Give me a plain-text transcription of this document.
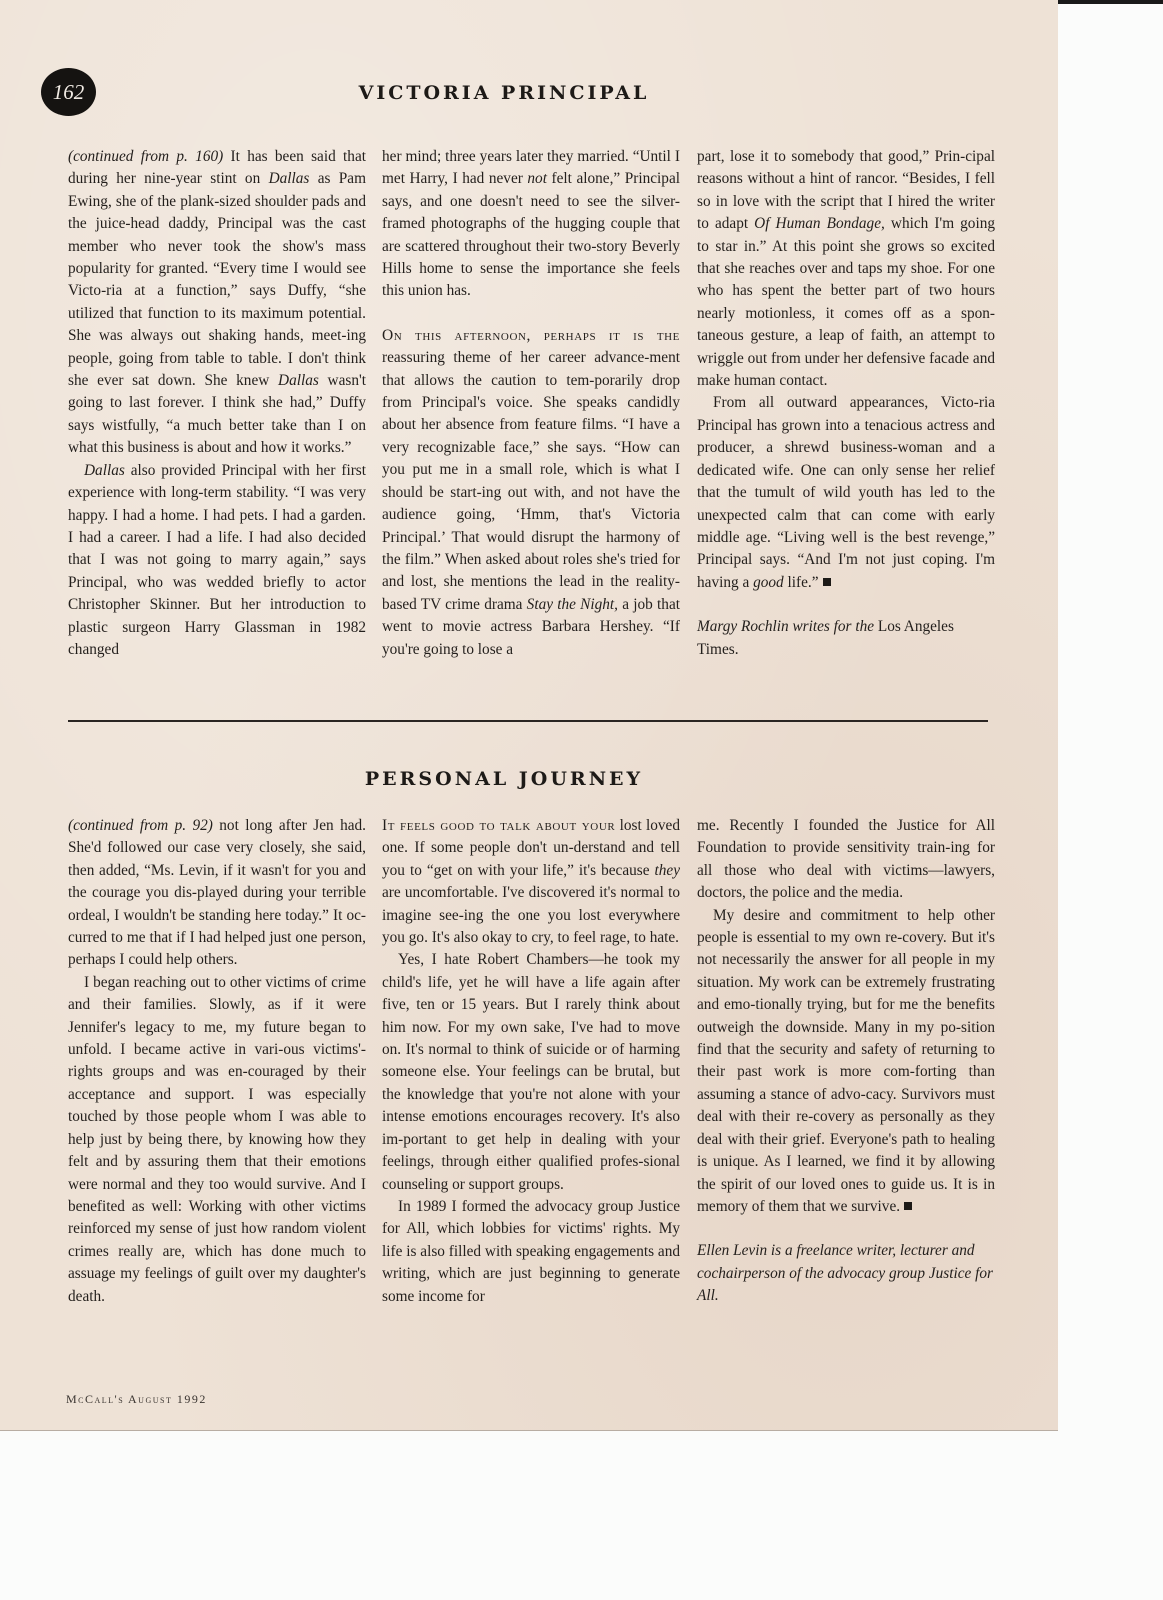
162	VICTORIA PRINCIPAL

(continued from p. 160) It has been said that during her nine-year stint on Dallas as Pam Ewing, she of the plank-sized shoulder pads and the juice-head daddy, Principal was the cast member who never took the show's mass popularity for granted. “Every time I would see Victo-ria at a function,” says Duffy, “she utilized that function to its maximum potential. She was always out shaking hands, meet-ing people, going from table to table. I don't think she ever sat down. She knew Dallas wasn't going to last forever. I think she had,” Duffy says wistfully, “a much better take than I on what this business is about and how it works.”

Dallas also provided Principal with her first experience with long-term stability. “I was very happy. I had a home. I had pets. I had a garden. I had a career. I had a life. I had also decided that I was not going to marry again,” says Principal, who was wedded briefly to actor Christopher Skinner. But her introduction to plastic surgeon Harry Glassman in 1982 changed

her mind; three years later they married. “Until I met Harry, I had never not felt alone,” Principal says, and one doesn't need to see the silver-framed photographs of the hugging couple that are scattered throughout their two-story Beverly Hills home to sense the importance she feels this union has.

On this afternoon, perhaps it is the reassuring theme of her career advance-ment that allows the caution to tem-porarily drop from Principal's voice. She speaks candidly about her absence from feature films. “I have a very recognizable face,” she says. “How can you put me in a small role, which is what I should be start-ing out with, and not have the audience going, ‘Hmm, that's Victoria Principal.’ That would disrupt the harmony of the film.” When asked about roles she's tried for and lost, she mentions the lead in the reality-based TV crime drama Stay the Night, a job that went to movie actress Barbara Hershey. “If you're going to lose a

part, lose it to somebody that good,” Prin-cipal reasons without a hint of rancor. “Besides, I fell so in love with the script that I hired the writer to adapt Of Human Bondage, which I'm going to star in.” At this point she grows so excited that she reaches over and taps my shoe. For one who has spent the better part of two hours nearly motionless, it comes off as a spon-taneous gesture, a leap of faith, an attempt to wriggle out from under her defensive facade and make human contact.

From all outward appearances, Victo-ria Principal has grown into a tenacious actress and producer, a shrewd business-woman and a dedicated wife. One can only sense her relief that the tumult of wild youth has led to the unexpected calm that can come with early middle age. “Living well is the best revenge,” Principal says. “And I'm not just coping. I'm having a good life.”

Margy Rochlin writes for the Los Angeles Times.

PERSONAL JOURNEY

(continued from p. 92) not long after Jen had. She'd followed our case very closely, she said, then added, “Ms. Levin, if it wasn't for you and the courage you dis-played during your terrible ordeal, I wouldn't be standing here today.” It oc-curred to me that if I had helped just one person, perhaps I could help others.

I began reaching out to other victims of crime and their families. Slowly, as if it were Jennifer's legacy to me, my future began to unfold. I became active in vari-ous victims'-rights groups and was en-couraged by their acceptance and support. I was especially touched by those people whom I was able to help just by being there, by knowing how they felt and by assuring them that their emotions were normal and they too would survive. And I benefited as well: Working with other victims reinforced my sense of just how random violent crimes really are, which has done much to assuage my feelings of guilt over my daughter's death.

It feels good to talk about your lost loved one. If some people don't un-derstand and tell you to “get on with your life,” it's because they are uncomfortable. I've discovered it's normal to imagine see-ing the one you lost everywhere you go. It's also okay to cry, to feel rage, to hate.

Yes, I hate Robert Chambers—he took my child's life, yet he will have a life again after five, ten or 15 years. But I rarely think about him now. For my own sake, I've had to move on. It's normal to think of suicide or of harming someone else. Your feelings can be brutal, but the knowledge that you're not alone with your intense emotions encourages recovery. It's also im-portant to get help in dealing with your feelings, through either qualified profes-sional counseling or support groups.

In 1989 I formed the advocacy group Justice for All, which lobbies for victims' rights. My life is also filled with speaking engagements and writing, which are just beginning to generate some income for

me. Recently I founded the Justice for All Foundation to provide sensitivity train-ing for all those who deal with victims—lawyers, doctors, the police and the media.

My desire and commitment to help other people is essential to my own re-covery. But it's not necessarily the answer for all people in my situation. My work can be extremely frustrating and emo-tionally trying, but for me the benefits outweigh the downside. Many in my po-sition find that the security and safety of returning to their past work is more com-forting than assuming a stance of advo-cacy. Survivors must deal with their re-covery as personally as they deal with their grief. Everyone's path to healing is unique. As I learned, we find it by allowing the spirit of our loved ones to guide us. It is in memory of them that we survive.

Ellen Levin is a freelance writer, lecturer and cochairperson of the advocacy group Justice for All.

McCall's August 1992
